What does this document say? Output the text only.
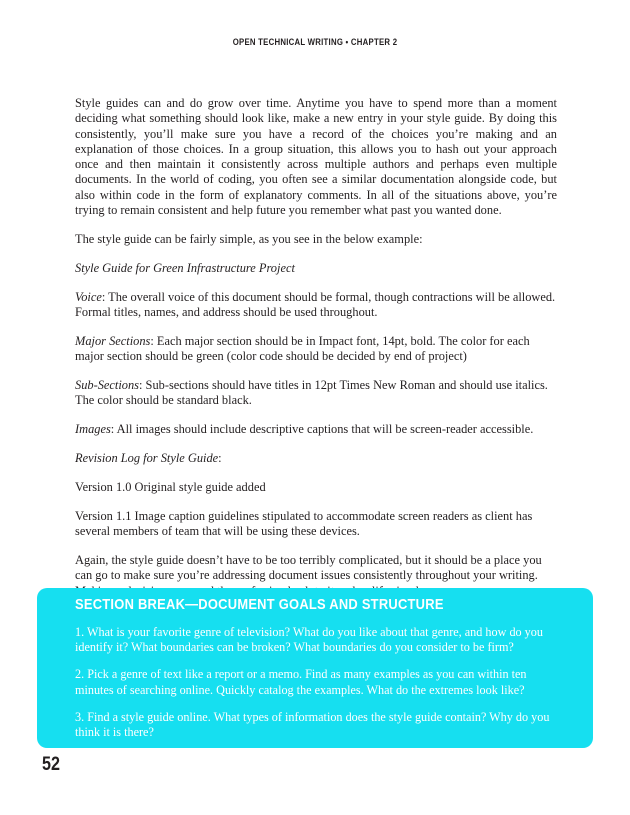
OPEN TECHNICAL WRITING • CHAPTER 2

Style guides can and do grow over time. Anytime you have to spend more than a moment deciding what something should look like, make a new entry in your style guide. By doing this consistently, you’ll make sure you have a record of the choices you’re making and an explanation of those choices. In a group situation, this allows you to hash out your approach once and then maintain it consistently across multiple authors and perhaps even multiple documents. In the world of coding, you often see a similar documentation alongside code, but also within code in the form of explanatory comments. In all of the situations above, you’re trying to remain consistent and help future you remember what past you wanted done.

The style guide can be fairly simple, as you see in the below example:

Style Guide for Green Infrastructure Project

Voice: The overall voice of this document should be formal, though contractions will be allowed. Formal titles, names, and address should be used throughout.

Major Sections: Each major section should be in Impact font, 14pt, bold. The color for each major section should be green (color code should be decided by end of project)

Sub-Sections: Sub-sections should have titles in 12pt Times New Roman and should use italics. The color should be standard black.

Images: All images should include descriptive captions that will be screen-reader accessible.

Revision Log for Style Guide:

Version 1.0 Original style guide added

Version 1.1 Image caption guidelines stipulated to accommodate screen readers as client has several members of team that will be using these devices.

Again, the style guide doesn’t have to be too terribly complicated, but it should be a place you can go to make sure you’re addressing document issues consistently throughout your writing.

SECTION BREAK—DOCUMENT GOALS AND STRUCTURE

1. What is your favorite genre of television? What do you like about that genre, and how do you identify it? What boundaries can be broken? What boundaries do you consider to be firm?

2. Pick a genre of text like a report or a memo. Find as many examples as you can within ten minutes of searching online. Quickly catalog the examples. What do the extremes look like?

3. Find a style guide online. What types of information does the style guide contain? Why do you think it is there?

52
